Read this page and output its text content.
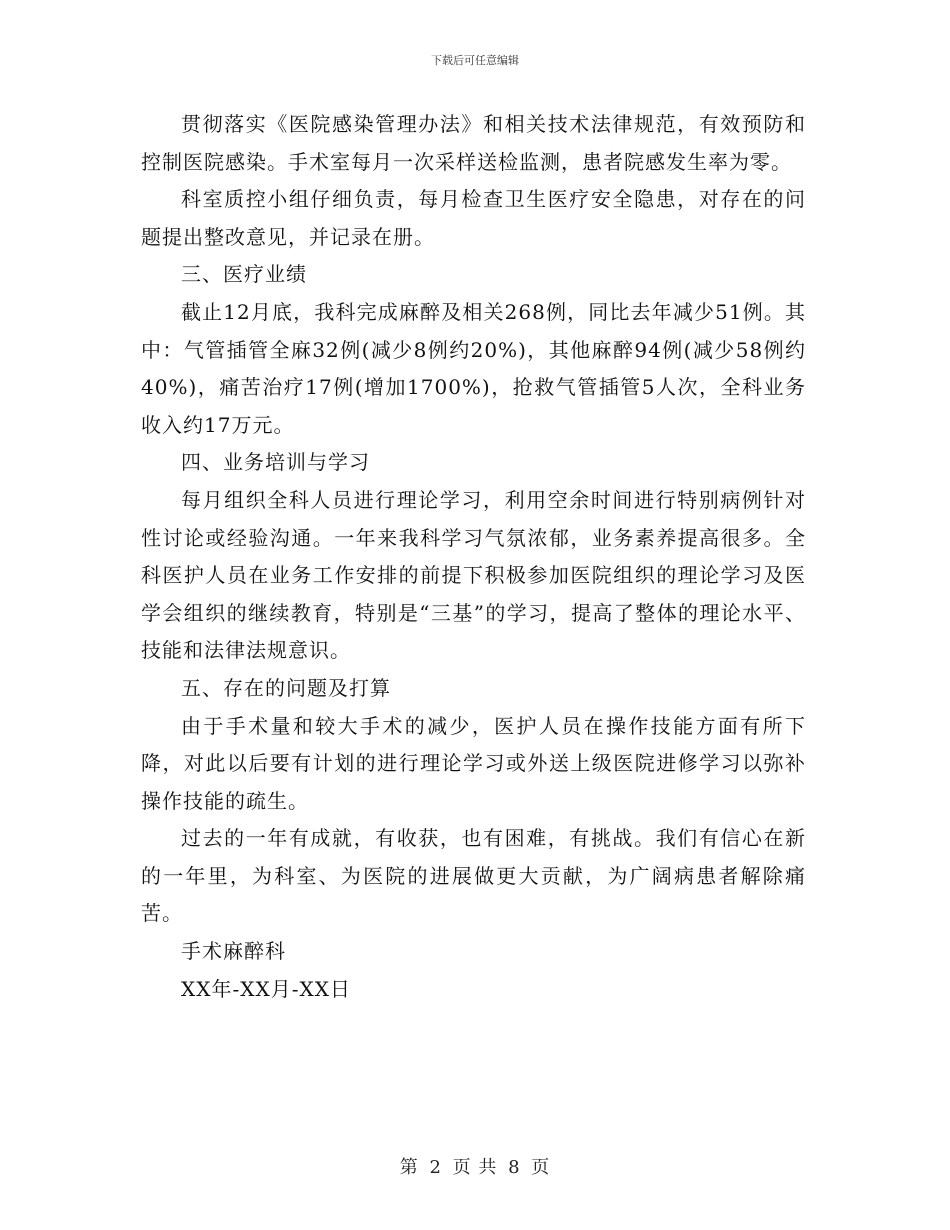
下载后可任意编辑

贯彻落实《医院感染管理办法》和相关技术法律规范，有效预防和控制医院感染。手术室每月一次采样送检监测，患者院感发生率为零。

科室质控小组仔细负责，每月检查卫生医疗安全隐患，对存在的问题提出整改意见，并记录在册。

三、医疗业绩

截止12月底，我科完成麻醉及相关268例，同比去年减少51例。其中：气管插管全麻32例(减少8例约20%)，其他麻醉94例(减少58例约40%)，痛苦治疗17例(增加1700%)，抢救气管插管5人次，全科业务收入约17万元。

四、业务培训与学习

每月组织全科人员进行理论学习，利用空余时间进行特别病例针对性讨论或经验沟通。一年来我科学习气氛浓郁，业务素养提高很多。全科医护人员在业务工作安排的前提下积极参加医院组织的理论学习及医学会组织的继续教育，特别是“三基”的学习，提高了整体的理论水平、技能和法律法规意识。

五、存在的问题及打算

由于手术量和较大手术的减少，医护人员在操作技能方面有所下降，对此以后要有计划的进行理论学习或外送上级医院进修学习以弥补操作技能的疏生。

过去的一年有成就，有收获，也有困难，有挑战。我们有信心在新的一年里，为科室、为医院的进展做更大贡献，为广阔病患者解除痛苦。

手术麻醉科

XX年-XX月-XX日

第 2 页 共 8 页
